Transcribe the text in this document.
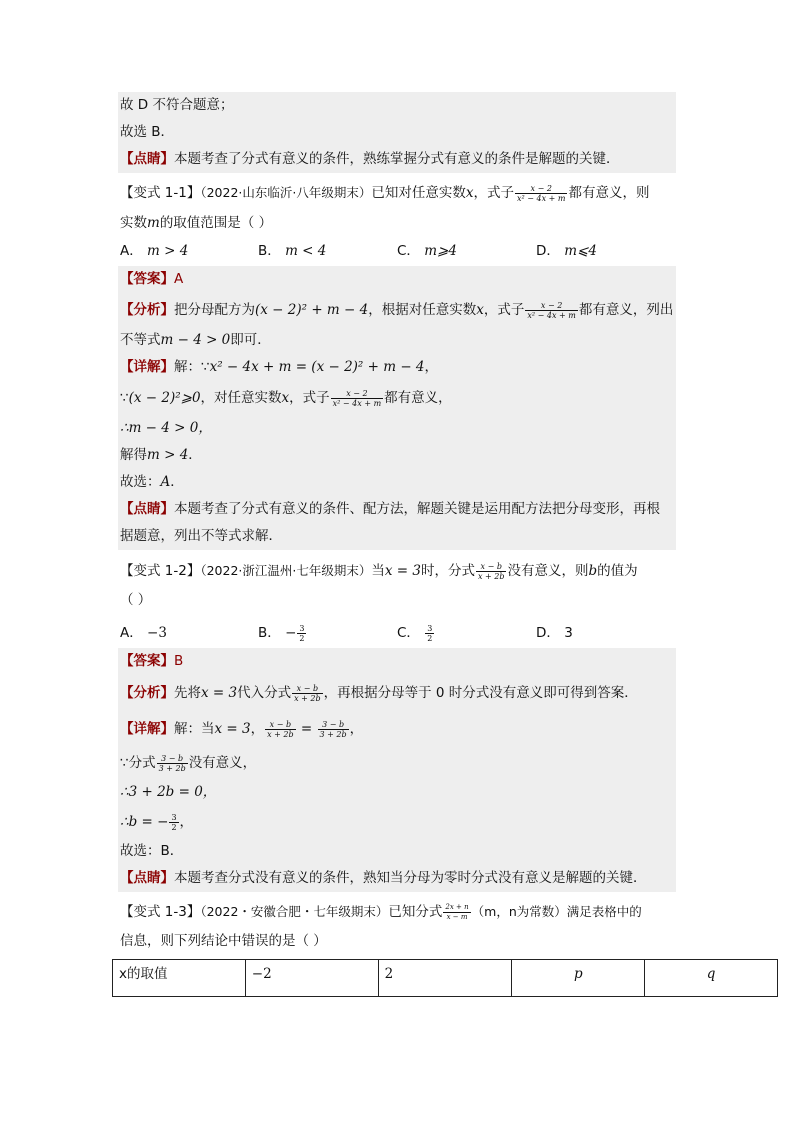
故 D 不符合题意；
故选 B．
【点睛】本题考查了分式有意义的条件，熟练掌握分式有意义的条件是解题的关键．
【变式 1-1】（2022·山东临沂·八年级期末）已知对任意实数x，式子 $\frac{x - 2}{\text{x² − 4x + m}}$ 都有意义，则
实数m的取值范围是（ ）
A． m > 4	B． m < 4	C． m⩾4	D． m⩽4
【答案】A
【分析】把分母配方为(x − 2)² + m − 4，根据对任意实数x，式子 $\frac{x - 2}{\text{x² − 4x + m}}$ 都有意义，列出
不等式m − 4 > 0即可．
【详解】解：∵x² − 4x + m = (x − 2)² + m − 4，
∵(x − 2)²⩾0，对任意实数x，式子 $\frac{x - 2}{\text{x² − 4x + m}}$ 都有意义，
∴m − 4 > 0，
解得m > 4．
故选：A．
【点睛】本题考查了分式有意义的条件、配方法，解题关键是运用配方法把分母变形，再根
据题意，列出不等式求解．
【变式 1-2】（2022·浙江温州·七年级期末）当x = 3时，分式 $\frac{x - b}{x + 2b}$ 没有意义，则b的值为
（ ）
A． −3	B． − $\frac{3}{2}$	C． $\frac{3}{2}$	D． 3
【答案】B
【分析】先将x = 3代入分式 $\frac{x - b}{x + 2b}$ ，再根据分母等于 0 时分式没有意义即可得到答案．
【详解】解：当x = 3， $\frac{x - b}{x + 2b} = \frac{3 - b}{3 + 2b}$ ，
∵分式 $\frac{3 - b}{3 + 2b}$ 没有意义，
∴3 + 2b = 0，
∴b = − $\frac{3}{2}$ ，
故选：B．
【点睛】本题考查分式没有意义的条件，熟知当分母为零时分式没有意义是解题的关键．
【变式 1-3】（2022・安徽合肥・七年级期末）已知分式 $\frac{2x + n}{x - m} (m$，n为常数）满足表格中的
信息，则下列结论中错误的是（ ）
x的取值	−2	2	p	q
